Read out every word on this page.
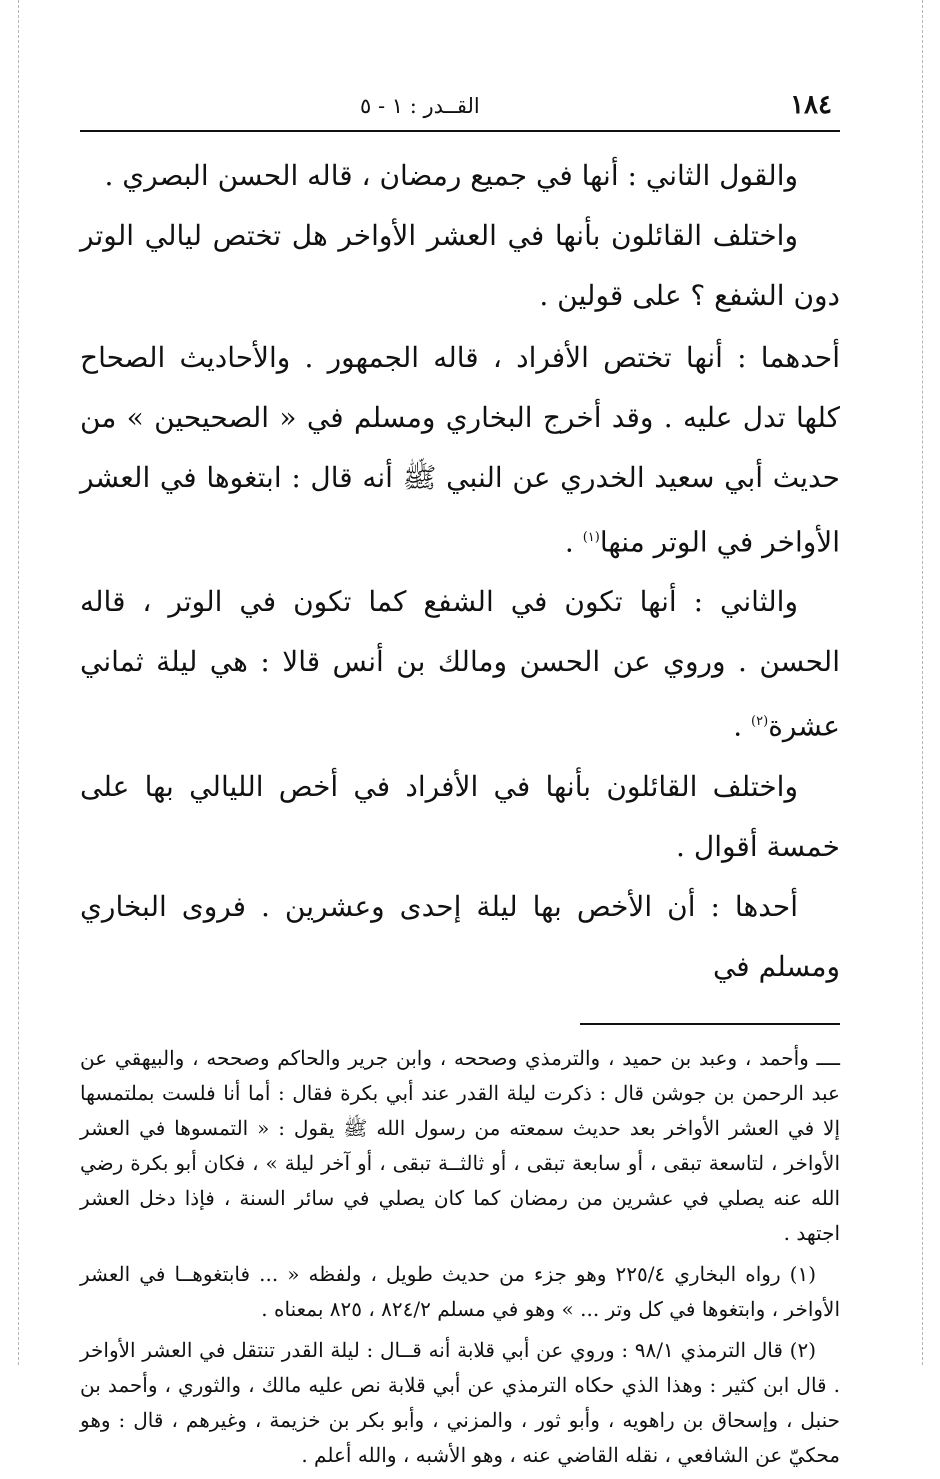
١٨٤
القــدر : ١ - ٥

والقول الثاني : أنها في جميع رمضان ، قاله الحسن البصري .

واختلف القائلون بأنها في العشر الأواخر هل تختص ليالي الوتر دون الشفع ؟ على قولين .

أحدهما : أنها تختص الأفراد ، قاله الجمهور . والأحاديث الصحاح كلها تدل عليه . وقد أخرج البخاري ومسلم في « الصحيحين » من حديث أبي سعيد الخدري عن النبي ﷺ أنه قال : ابتغوها في العشر الأواخر في الوتر منها$^{(١)}$ .

والثاني : أنها تكون في الشفع كما تكون في الوتر ، قاله الحسن . وروي عن الحسن ومالك بن أنس قالا : هي ليلة ثماني عشرة$^{(٢)}$ .

واختلف القائلون بأنها في الأفراد في أخص الليالي بها على خمسة أقوال .

أحدها : أن الأخص بها ليلة إحدى وعشرين . فروى البخاري ومسلم في

ــــ وأحمد ، وعبد بن حميد ، والترمذي وصححه ، وابن جرير والحاكم وصححه ، والبيهقي عن عبد الرحمن بن جوشن قال : ذكرت ليلة القدر عند أبي بكرة فقال : أما أنا فلست بملتمسها إلا في العشر الأواخر بعد حديث سمعته من رسول الله ﷺ يقول : « التمسوها في العشر الأواخر ، لتاسعة تبقى ، أو سابعة تبقى ، أو ثالثــة تبقى ، أو آخر ليلة » ، فكان أبو بكرة رضي الله عنه يصلي في عشرين من رمضان كما كان يصلي في سائر السنة ، فإذا دخل العشر اجتهد .

(١) رواه البخاري ٢٢٥/٤ وهو جزء من حديث طويل ، ولفظه « ... فابتغوهــا في العشر الأواخر ، وابتغوها في كل وتر ... » وهو في مسلم ٨٢٤/٢ ، ٨٢٥ بمعناه .

(٢) قال الترمذي ٩٨/١ : وروي عن أبي قلابة أنه قــال : ليلة القدر تنتقل في العشر الأواخر . قال ابن كثير : وهذا الذي حكاه الترمذي عن أبي قلابة نص عليه مالك ، والثوري ، وأحمد بن حنبل ، وإسحاق بن راهويه ، وأبو ثور ، والمزني ، وأبو بكر بن خزيمة ، وغيرهم ، قال : وهو محكيّ عن الشافعي ، نقله القاضي عنه ، وهو الأشبه ، والله أعلم .
